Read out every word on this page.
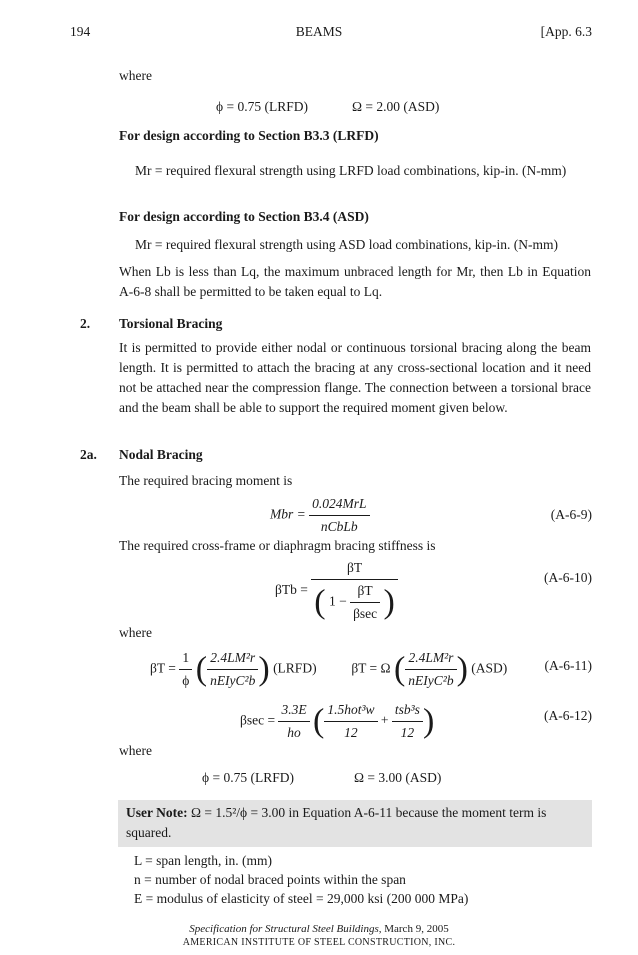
194	BEAMS	[App. 6.3
where
ϕ = 0.75 (LRFD)	Ω = 2.00 (ASD)
For design according to Section B3.3 (LRFD)
Mr = required flexural strength using LRFD load combinations, kip-in. (N-mm)
For design according to Section B3.4 (ASD)
Mr = required flexural strength using ASD load combinations, kip-in. (N-mm)
When Lb is less than Lq, the maximum unbraced length for Mr, then Lb in Equation A-6-8 shall be permitted to be taken equal to Lq.
2. Torsional Bracing
It is permitted to provide either nodal or continuous torsional bracing along the beam length. It is permitted to attach the bracing at any cross-sectional location and it need not be attached near the compression flange. The connection between a torsional brace and the beam shall be able to support the required moment given below.
2a. Nodal Bracing
The required bracing moment is
Mbr = $\frac{\text{0.024MrL}}{\text{nCbLb}}$	(A-6-9)
The required cross-frame or diaphragm bracing stiffness is
$\beta Tb = \frac{\beta T}{( 1 - \frac{\beta T}{\beta\sec} )}$	(A-6-10)
where
$\beta T = \frac{1}{\phi}$ ( $\frac{\text{2.4LM²r}}{\text{nEIyC²b}}$ ) (LRFD)	βT = Ω ( $\frac{\text{2.4LM²r}}{\text{nEIyC²b}}$ ) (ASD)	(A-6-11)
$\beta\sec = \frac{3.3E}{ho}$ ( $\frac{\text{1.5hot³w}}{12} + \frac{\text{tsb³s}}{12}$ )	(A-6-12)
where
ϕ = 0.75 (LRFD)	Ω = 3.00 (ASD)
User Note: Ω = 1.5²/ϕ = 3.00 in Equation A-6-11 because the moment term is squared.
L = span length, in. (mm)
n = number of nodal braced points within the span
E = modulus of elasticity of steel = 29,000 ksi (200 000 MPa)
Specification for Structural Steel Buildings, March 9, 2005
AMERICAN INSTITUTE OF STEEL CONSTRUCTION, INC.
